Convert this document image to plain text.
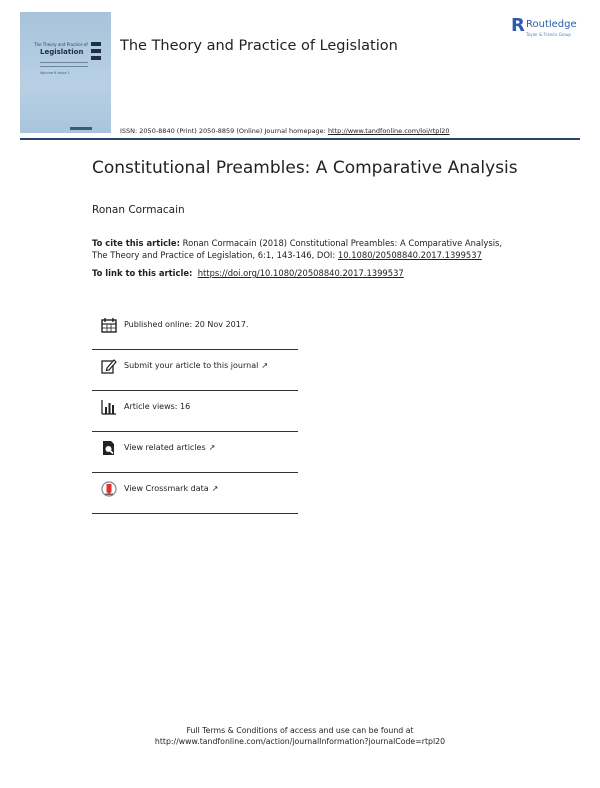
The Theory and Practice of
Legislation
Volume 6 Issue 1
The Theory and Practice of Legislation
R Routledge
Taylor & Francis Group
ISSN: 2050-8840 (Print) 2050-8859 (Online) Journal homepage: http://www.tandfonline.com/loi/rtpl20
Constitutional Preambles: A Comparative Analysis
Ronan Cormacain
To cite this article: Ronan Cormacain (2018) Constitutional Preambles: A Comparative Analysis,
The Theory and Practice of Legislation, 6:1, 143-146, DOI: 10.1080/20508840.2017.1399537
To link to this article: https://doi.org/10.1080/20508840.2017.1399537
Published online: 20 Nov 2017.
Submit your article to this journal ↗
Article views: 16
View related articles ↗
View Crossmark data ↗
Full Terms & Conditions of access and use can be found at
http://www.tandfonline.com/action/journalInformation?journalCode=rtpl20
